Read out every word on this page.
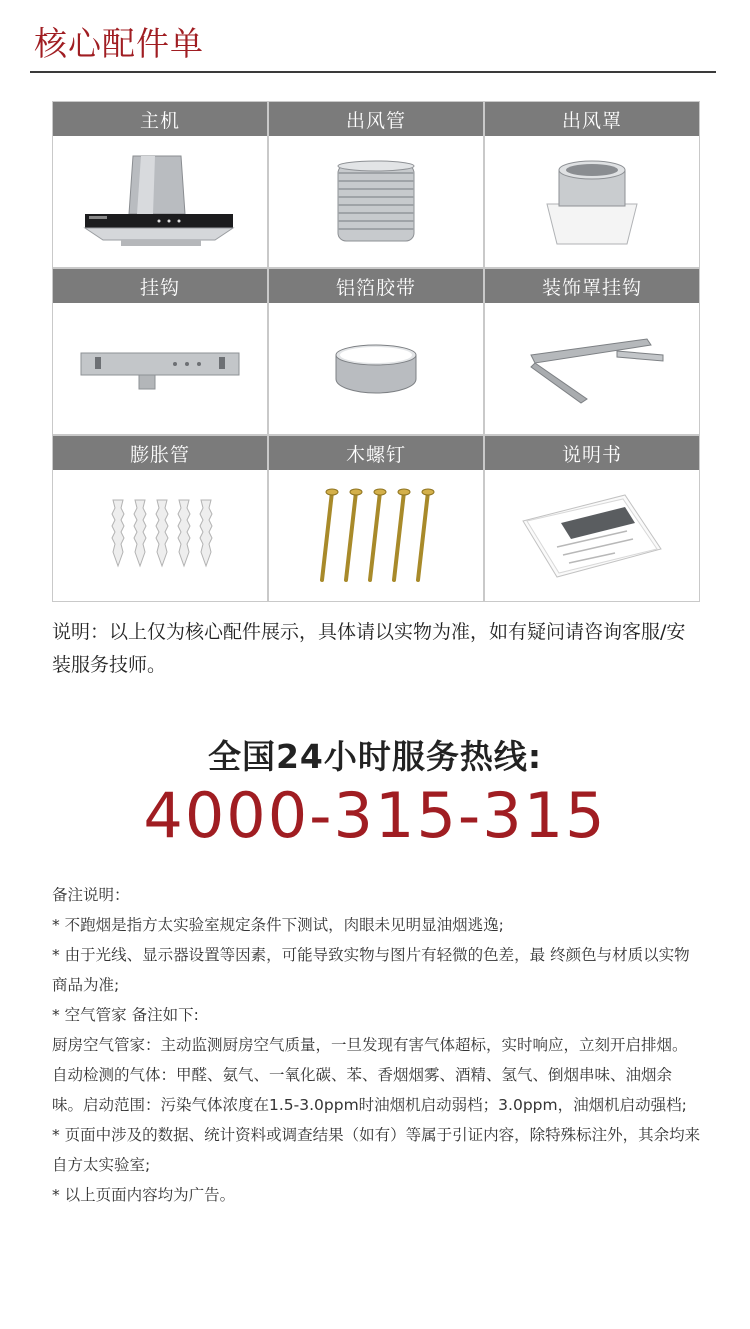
核心配件单
主机	出风管	出风罩
挂钩	铝箔胶带	装饰罩挂钩
膨胀管	木螺钉	说明书
说明：以上仅为核心配件展示，具体请以实物为准，如有疑问请咨询客服/安装服务技师。
全国24小时服务热线:
4000-315-315

备注说明：

* 不跑烟是指方太实验室规定条件下测试，肉眼未见明显油烟逃逸;

* 由于光线、显示器设置等因素，可能导致实物与图片有轻微的色差，最 终颜色与材质以实物商品为准;

* 空气管家 备注如下:

厨房空气管家：主动监测厨房空气质量，一旦发现有害气体超标，实时响应，立刻开启排烟。自动检测的气体：甲醛、氨气、一氧化碳、苯、香烟烟雾、酒精、氢气、倒烟串味、油烟余味。启动范围：污染气体浓度在1.5-3.0ppm时油烟机启动弱档；3.0ppm，油烟机启动强档;

* 页面中涉及的数据、统计资料或调查结果（如有）等属于引证内容，除特殊标注外，其余均来自方太实验室;

* 以上页面内容均为广告。
